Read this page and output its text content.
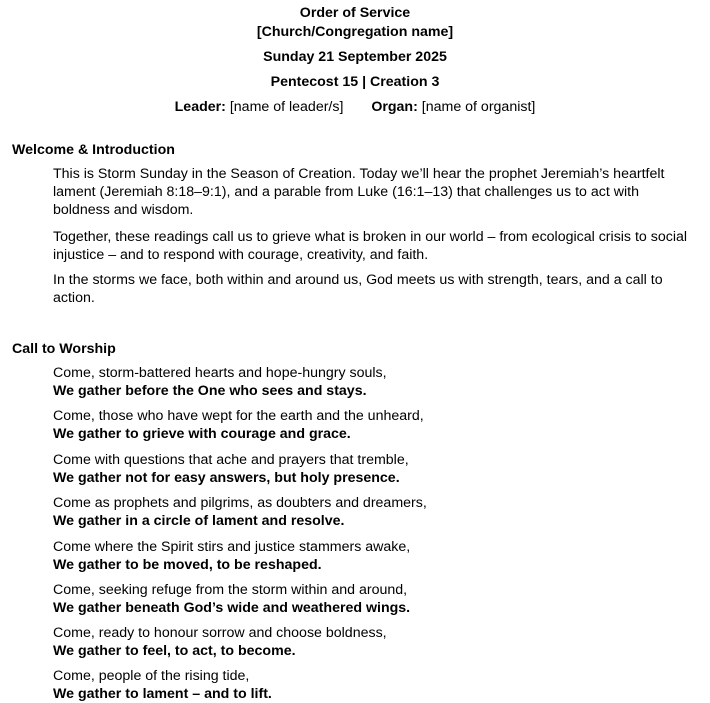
Order of Service
[Church/Congregation name]
Sunday 21 September 2025
Pentecost 15 | Creation 3
Leader: [name of leader/s] Organ: [name of organist]
Welcome & Introduction

This is Storm Sunday in the Season of Creation. Today we’ll hear the prophet Jeremiah’s heartfelt lament (Jeremiah 8:18–9:1), and a parable from Luke (16:1–13) that challenges us to act with boldness and wisdom.

Together, these readings call us to grieve what is broken in our world – from ecological crisis to social injustice – and to respond with courage, creativity, and faith.

In the storms we face, both within and around us, God meets us with strength, tears, and a call to action.

Call to Worship
Come, storm-battered hearts and hope-hungry souls,
We gather before the One who sees and stays.
Come, those who have wept for the earth and the unheard,
We gather to grieve with courage and grace.
Come with questions that ache and prayers that tremble,
We gather not for easy answers, but holy presence.
Come as prophets and pilgrims, as doubters and dreamers,
We gather in a circle of lament and resolve.
Come where the Spirit stirs and justice stammers awake,
We gather to be moved, to be reshaped.
Come, seeking refuge from the storm within and around,
We gather beneath God’s wide and weathered wings.
Come, ready to honour sorrow and choose boldness,
We gather to feel, to act, to become.
Come, people of the rising tide,
We gather to lament – and to lift.
